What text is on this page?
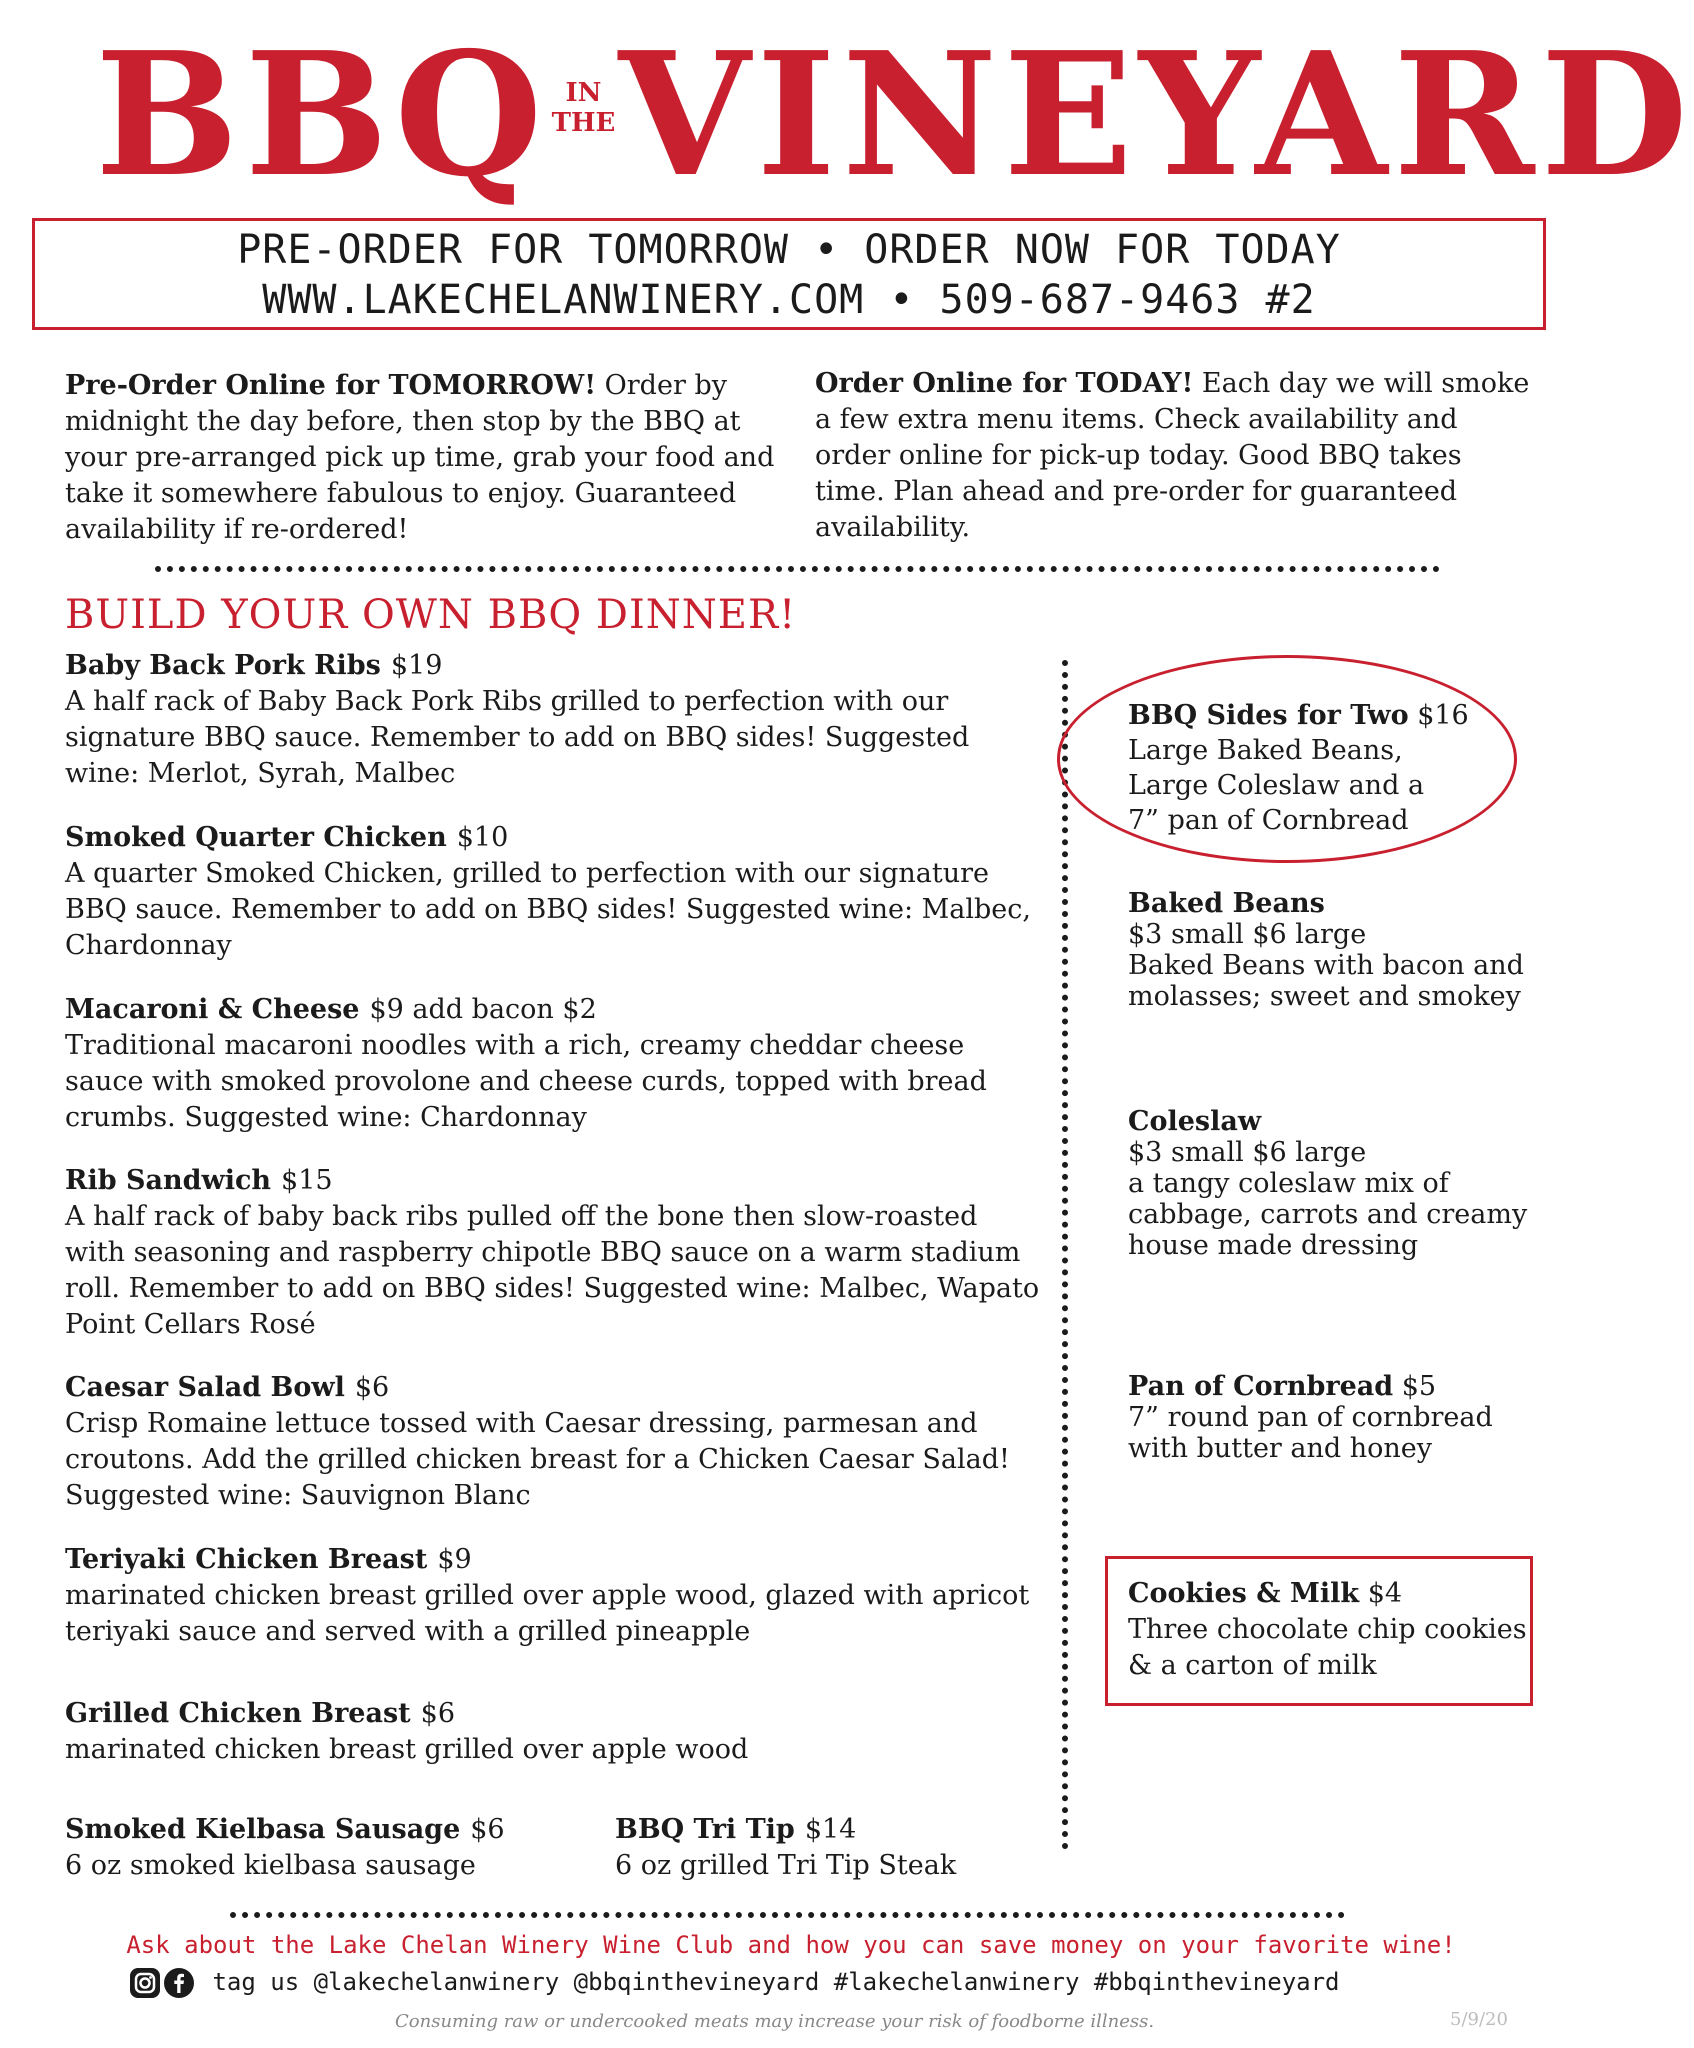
BBQ IN
THE VINEYARD
PRE-ORDER FOR TOMORROW • ORDER NOW FOR TODAY
WWW.LAKECHELANWINERY.COM • 509-687-9463 #2
Pre-Order Online for TOMORROW! Order by midnight the day before, then stop by the BBQ at your pre-arranged pick up time, grab your food and take it somewhere fabulous to enjoy. Guaranteed availability if re-ordered!
Order Online for TODAY! Each day we will smoke a few extra menu items. Check availability and order online for pick-up today. Good BBQ takes time. Plan ahead and pre-order for guaranteed availability.
BUILD YOUR OWN BBQ DINNER!
Baby Back Pork Ribs $19
A half rack of Baby Back Pork Ribs grilled to perfection with our signature BBQ sauce. Remember to add on BBQ sides! Suggested wine: Merlot, Syrah, Malbec
Smoked Quarter Chicken $10
A quarter Smoked Chicken, grilled to perfection with our signature BBQ sauce. Remember to add on BBQ sides! Suggested wine: Malbec, Chardonnay
Macaroni & Cheese $9 add bacon $2
Traditional macaroni noodles with a rich, creamy cheddar cheese sauce with smoked provolone and cheese curds, topped with bread crumbs. Suggested wine: Chardonnay
Rib Sandwich $15
A half rack of baby back ribs pulled off the bone then slow-roasted with seasoning and raspberry chipotle BBQ sauce on a warm stadium roll. Remember to add on BBQ sides! Suggested wine: Malbec, Wapato Point Cellars Rosé
Caesar Salad Bowl $6
Crisp Romaine lettuce tossed with Caesar dressing, parmesan and croutons. Add the grilled chicken breast for a Chicken Caesar Salad! Suggested wine: Sauvignon Blanc
Teriyaki Chicken Breast $9
marinated chicken breast grilled over apple wood, glazed with apricot teriyaki sauce and served with a grilled pineapple
Grilled Chicken Breast $6
marinated chicken breast grilled over apple wood
Smoked Kielbasa Sausage $6
6 oz smoked kielbasa sausage
BBQ Tri Tip $14
6 oz grilled Tri Tip Steak
BBQ Sides for Two $16
Large Baked Beans, Large Coleslaw and a 7” pan of Cornbread
Baked Beans
$3 small $6 large
Baked Beans with bacon and molasses; sweet and smokey
Coleslaw
$3 small $6 large
a tangy coleslaw mix of cabbage, carrots and creamy house made dressing
Pan of Cornbread $5
7” round pan of cornbread with butter and honey
Cookies & Milk $4
Three chocolate chip cookies & a carton of milk
Ask about the Lake Chelan Winery Wine Club and how you can save money on your favorite wine!
tag us @lakechelanwinery @bbqinthevineyard #lakechelanwinery #bbqinthevineyard
Consuming raw or undercooked meats may increase your risk of foodborne illness.	5/9/20
